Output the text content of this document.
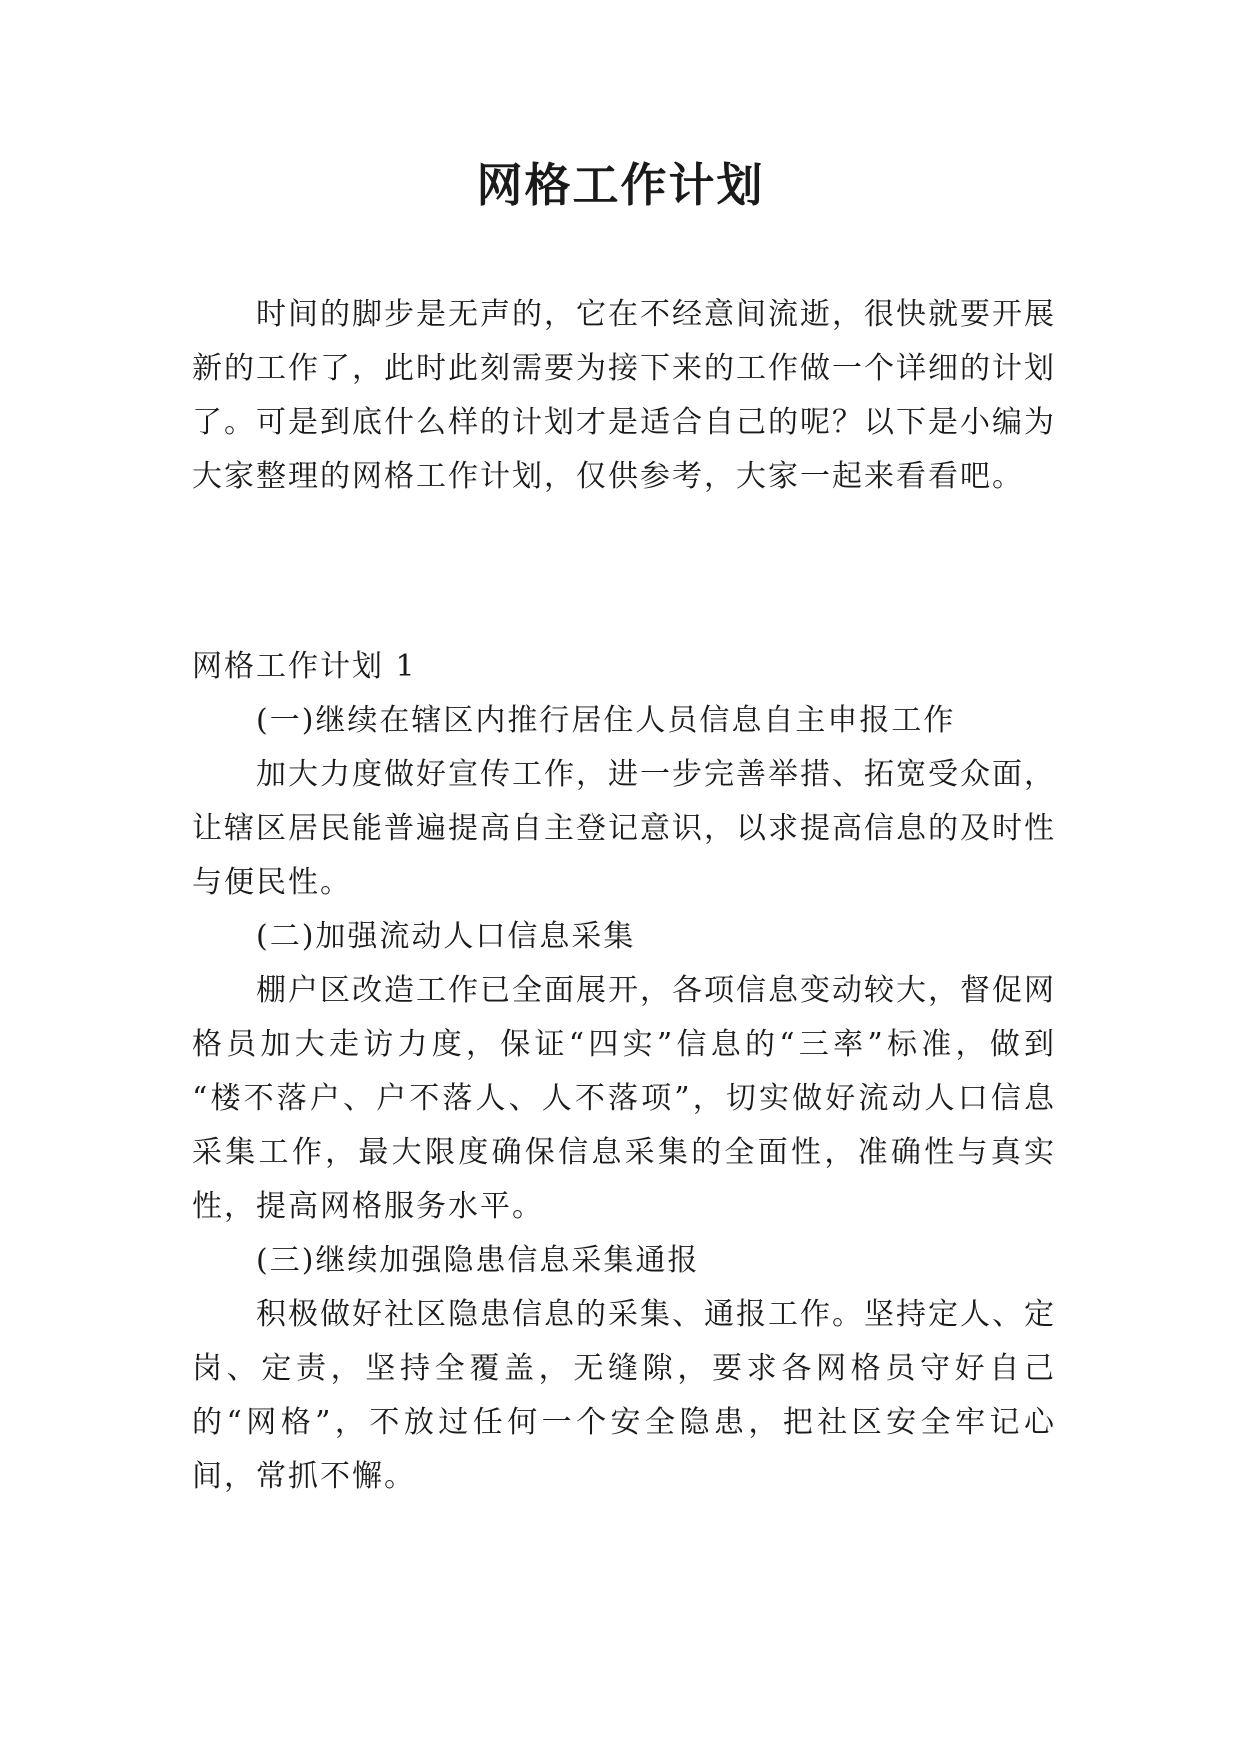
网格工作计划

时间的脚步是无声的，它在不经意间流逝，很快就要开展新的工作了，此时此刻需要为接下来的工作做一个详细的计划了。可是到底什么样的计划才是适合自己的呢？以下是小编为大家整理的网格工作计划，仅供参考，大家一起来看看吧。

网格工作计划 1

(一)继续在辖区内推行居住人员信息自主申报工作

加大力度做好宣传工作，进一步完善举措、拓宽受众面，让辖区居民能普遍提高自主登记意识，以求提高信息的及时性与便民性。

(二)加强流动人口信息采集

棚户区改造工作已全面展开，各项信息变动较大，督促网格员加大走访力度，保证“四实”信息的“三率”标准，做到 “楼不落户、户不落人、人不落项”，切实做好流动人口信息采集工作，最大限度确保信息采集的全面性，准确性与真实性，提高网格服务水平。

(三)继续加强隐患信息采集通报

积极做好社区隐患信息的采集、通报工作。坚持定人、定岗、定责，坚持全覆盖，无缝隙，要求各网格员守好自己的“网格”，不放过任何一个安全隐患，把社区安全牢记心间，常抓不懈。
